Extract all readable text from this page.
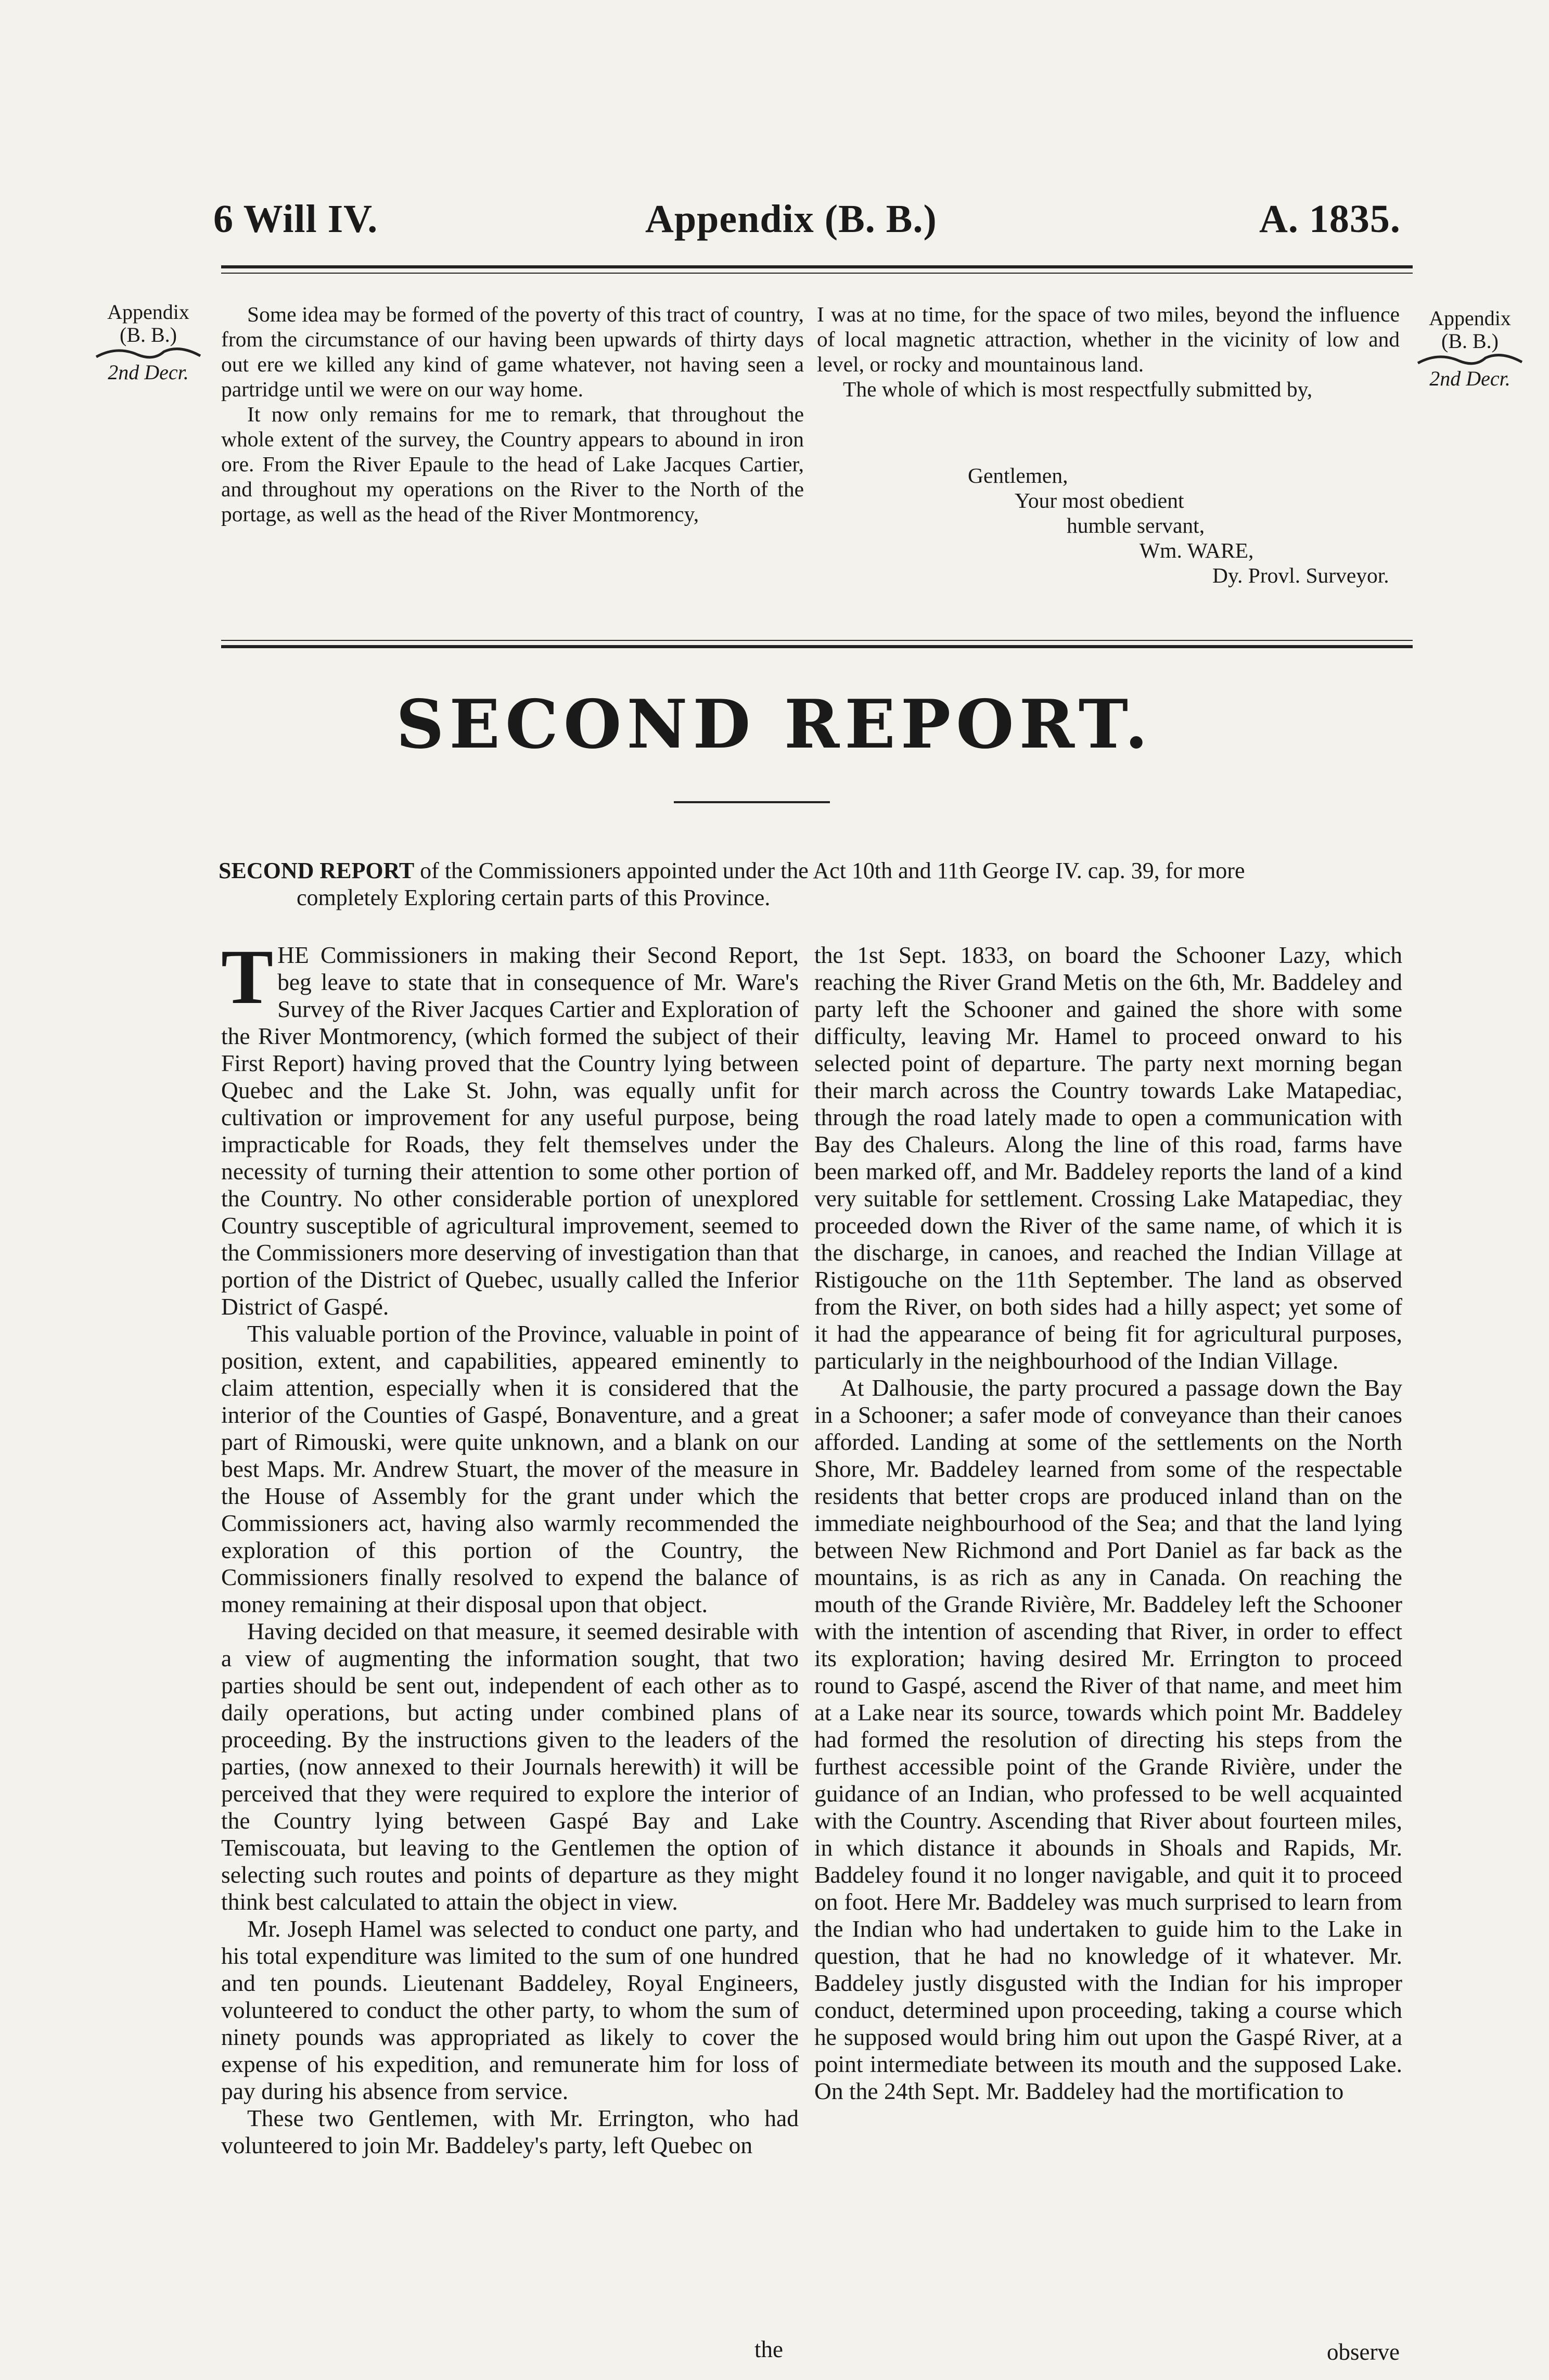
6 Will IV.	Appendix (B. B.)	A. 1835.
Appendix
(B. B.)
2nd Decr.
Appendix
(B. B.)
2nd Decr.

Some idea may be formed of the poverty of this tract of country, from the circumstance of our having been upwards of thirty days out ere we killed any kind of game whatever, not having seen a partridge until we were on our way home.

It now only remains for me to remark, that throughout the whole extent of the survey, the Country appears to abound in iron ore. From the River Epaule to the head of Lake Jacques Cartier, and throughout my operations on the River to the North of the portage, as well as the head of the River Montmorency,

I was at no time, for the space of two miles, beyond the influence of local magnetic attraction, whether in the vicinity of low and level, or rocky and mountainous land.

The whole of which is most respectfully submitted by,

Gentlemen,
Your most obedient
humble servant,
Wm. WARE,
Dy. Provl. Surveyor.
SECOND REPORT.
SECOND REPORT of the Commissioners appointed under the Act 10th and 11th George IV. cap. 39, for more
completely Exploring certain parts of this Province.

THE Commissioners in making their Second Report, beg leave to state that in consequence of Mr. Ware's Survey of the River Jacques Cartier and Exploration of the River Montmorency, (which formed the subject of their First Report) having proved that the Country lying between Quebec and the Lake St. John, was equally unfit for cultivation or improvement for any useful purpose, being impracticable for Roads, they felt themselves under the necessity of turning their attention to some other portion of the Country. No other considerable portion of unexplored Country susceptible of agricultural improvement, seemed to the Commissioners more deserving of investigation than that portion of the District of Quebec, usually called the Inferior District of Gaspé.

This valuable portion of the Province, valuable in point of position, extent, and capabilities, appeared eminently to claim attention, especially when it is considered that the interior of the Counties of Gaspé, Bonaventure, and a great part of Rimouski, were quite unknown, and a blank on our best Maps. Mr. Andrew Stuart, the mover of the measure in the House of Assembly for the grant under which the Commissioners act, having also warmly recommended the exploration of this portion of the Country, the Commissioners finally resolved to expend the balance of money remaining at their disposal upon that object.

Having decided on that measure, it seemed desirable with a view of augmenting the information sought, that two parties should be sent out, independent of each other as to daily operations, but acting under combined plans of proceeding. By the instructions given to the leaders of the parties, (now annexed to their Journals herewith) it will be perceived that they were required to explore the interior of the Country lying between Gaspé Bay and Lake Temiscouata, but leaving to the Gentlemen the option of selecting such routes and points of departure as they might think best calculated to attain the object in view.

Mr. Joseph Hamel was selected to conduct one party, and his total expenditure was limited to the sum of one hundred and ten pounds. Lieutenant Baddeley, Royal Engineers, volunteered to conduct the other party, to whom the sum of ninety pounds was appropriated as likely to cover the expense of his expedition, and remunerate him for loss of pay during his absence from service.

These two Gentlemen, with Mr. Errington, who had volunteered to join Mr. Baddeley's party, left Quebec on

the

the 1st Sept. 1833, on board the Schooner Lazy, which reaching the River Grand Metis on the 6th, Mr. Baddeley and party left the Schooner and gained the shore with some difficulty, leaving Mr. Hamel to proceed onward to his selected point of departure. The party next morning began their march across the Country towards Lake Matapediac, through the road lately made to open a communication with Bay des Chaleurs. Along the line of this road, farms have been marked off, and Mr. Baddeley reports the land of a kind very suitable for settlement. Crossing Lake Matapediac, they proceeded down the River of the same name, of which it is the discharge, in canoes, and reached the Indian Village at Ristigouche on the 11th September. The land as observed from the River, on both sides had a hilly aspect; yet some of it had the appearance of being fit for agricultural purposes, particularly in the neighbourhood of the Indian Village.

At Dalhousie, the party procured a passage down the Bay in a Schooner; a safer mode of conveyance than their canoes afforded. Landing at some of the settlements on the North Shore, Mr. Baddeley learned from some of the respectable residents that better crops are produced inland than on the immediate neighbourhood of the Sea; and that the land lying between New Richmond and Port Daniel as far back as the mountains, is as rich as any in Canada. On reaching the mouth of the Grande Rivière, Mr. Baddeley left the Schooner with the intention of ascending that River, in order to effect its exploration; having desired Mr. Errington to proceed round to Gaspé, ascend the River of that name, and meet him at a Lake near its source, towards which point Mr. Baddeley had formed the resolution of directing his steps from the furthest accessible point of the Grande Rivière, under the guidance of an Indian, who professed to be well acquainted with the Country. Ascending that River about fourteen miles, in which distance it abounds in Shoals and Rapids, Mr. Baddeley found it no longer navigable, and quit it to proceed on foot. Here Mr. Baddeley was much surprised to learn from the Indian who had undertaken to guide him to the Lake in question, that he had no knowledge of it whatever. Mr. Baddeley justly disgusted with the Indian for his improper conduct, determined upon proceeding, taking a course which he supposed would bring him out upon the Gaspé River, at a point intermediate between its mouth and the supposed Lake. On the 24th Sept. Mr. Baddeley had the mortification to

observe
